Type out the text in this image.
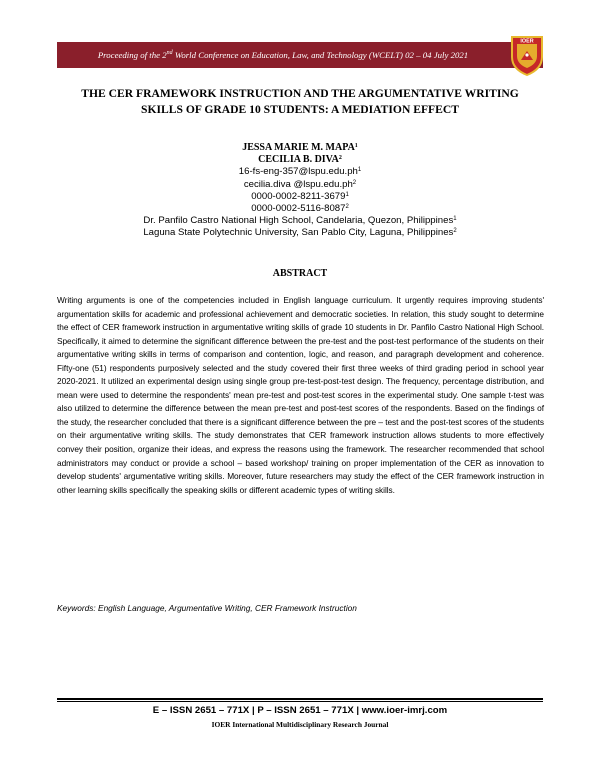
Proceeding of the 2nd World Conference on Education, Law, and Technology (WCELT) 02 – 04 July 2021
IOER
THE CER FRAMEWORK INSTRUCTION AND THE ARGUMENTATIVE WRITING
SKILLS OF GRADE 10 STUDENTS: A MEDIATION EFFECT
JESSA MARIE M. MAPA$^1$
CECILIA B. DIVA$^2$
$16-fs-eng-357@lspu.edu.ph^1$
cecilia.diva $@lspu.edu.ph^2$
0000-0002-8211-3679$^1$
0000-0002-5116-8087$^2$
Dr. Panfilo Castro National High School, Candelaria, Quezon, Philippines$^1$
Laguna State Polytechnic University, San Pablo City, Laguna, Philippines$^2$
ABSTRACT

Writing arguments is one of the competencies included in English language curriculum. It urgently requires improving students' argumentation skills for academic and professional achievement and democratic societies. In relation, this study sought to determine the effect of CER framework instruction in argumentative writing skills of grade 10 students in Dr. Panfilo Castro National High School. Specifically, it aimed to determine the significant difference between the pre-test and the post-test performance of the students on their argumentative writing skills in terms of comparison and contention, logic, and reason, and paragraph development and coherence. Fifty-one (51) respondents purposively selected and the study covered their first three weeks of third grading period in school year 2020-2021. It utilized an experimental design using single group pre-test-post-test design. The frequency, percentage distribution, and mean were used to determine the respondents' mean pre-test and post-test scores in the experimental study. One sample t-test was also utilized to determine the difference between the mean pre-test and post-test scores of the respondents. Based on the findings of the study, the researcher concluded that there is a significant difference between the pre – test and the post-test scores of the students on their argumentative writing skills. The study demonstrates that CER framework instruction allows students to more effectively convey their position, organize their ideas, and express the reasons using the framework. The researcher recommended that school administrators may conduct or provide a school – based workshop/ training on proper implementation of the CER as innovation to develop students' argumentative writing skills. Moreover, future researchers may study the effect of the CER framework instruction in other learning skills specifically the speaking skills or different academic types of writing skills.

Keywords: English Language, Argumentative Writing, CER Framework Instruction

E – ISSN 2651 – 771X | P – ISSN 2651 – 771X | www.ioer-imrj.com
IOER International Multidisciplinary Research Journal
